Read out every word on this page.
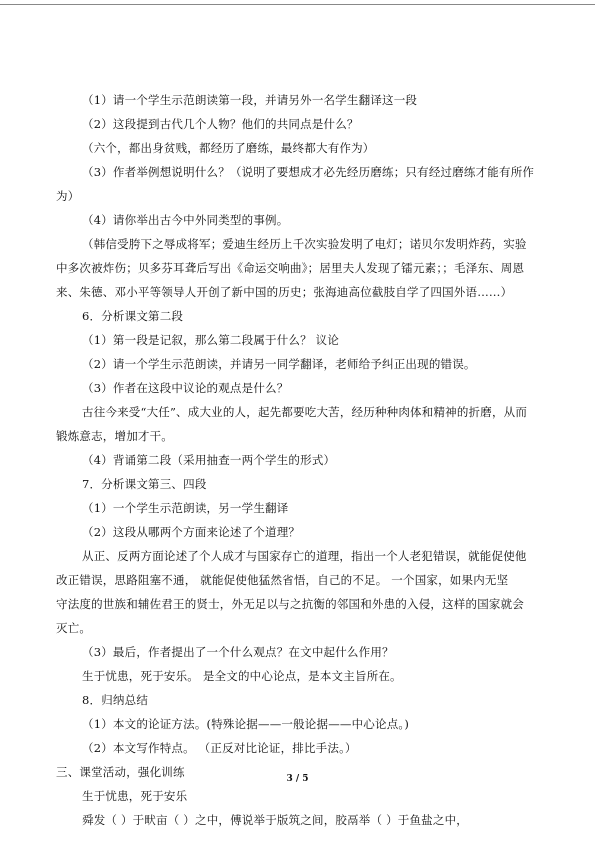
（1）请一个学生示范朗读第一段，并请另外一名学生翻译这一段
（2）这段提到古代几个人物？他们的共同点是什么？
（六个，都出身贫贱，都经历了磨练，最终都大有作为）
（3）作者举例想说明什么？（说明了要想成才必先经历磨练；只有经过磨练才能有所作
为）
（4）请你举出古今中外同类型的事例。
（韩信受胯下之辱成将军；爱迪生经历上千次实验发明了电灯；诺贝尔发明炸药，实验
中多次被炸伤；贝多芬耳聋后写出《命运交响曲》；居里夫人发现了镭元素；；毛泽东、周恩
来、朱德、邓小平等领导人开创了新中国的历史；张海迪高位截肢自学了四国外语……）
6．分析课文第二段
（1）第一段是记叙，那么第二段属于什么？ 议论
（2）请一个学生示范朗读，并请另一同学翻译，老师给予纠正出现的错误。
（3）作者在这段中议论的观点是什么？
古往今来受“大任”、成大业的人，起先都要吃大苦，经历种种肉体和精神的折磨，从而
锻炼意志，增加才干。
（4）背诵第二段（采用抽查一两个学生的形式）
7．分析课文第三、四段
（1）一个学生示范朗读，另一学生翻译
（2）这段从哪两个方面来论述了个道理？
从正、反两方面论述了个人成才与国家存亡的道理，指出一个人老犯错误，就能促使他
改正错误，思路阻塞不通， 就能促使他猛然省悟，自己的不足。 一个国家，如果内无坚
守法度的世族和辅佐君王的贤士，外无足以与之抗衡的邻国和外患的入侵，这样的国家就会
灭亡。
（3）最后，作者提出了一个什么观点？在文中起什么作用？
生于忧患，死于安乐。 是全文的中心论点，是本文主旨所在。
8．归纳总结
（1）本文的论证方法。(特殊论据——一般论据——中心论点。)
（2）本文写作特点。 （正反对比论证，排比手法。）
三、课堂活动，强化训练
生于忧患，死于安乐
舜发（ ）于畎亩（ ）之中，傅说举于版筑之间，胶鬲举（ ）于鱼盐之中，
3 / 5
